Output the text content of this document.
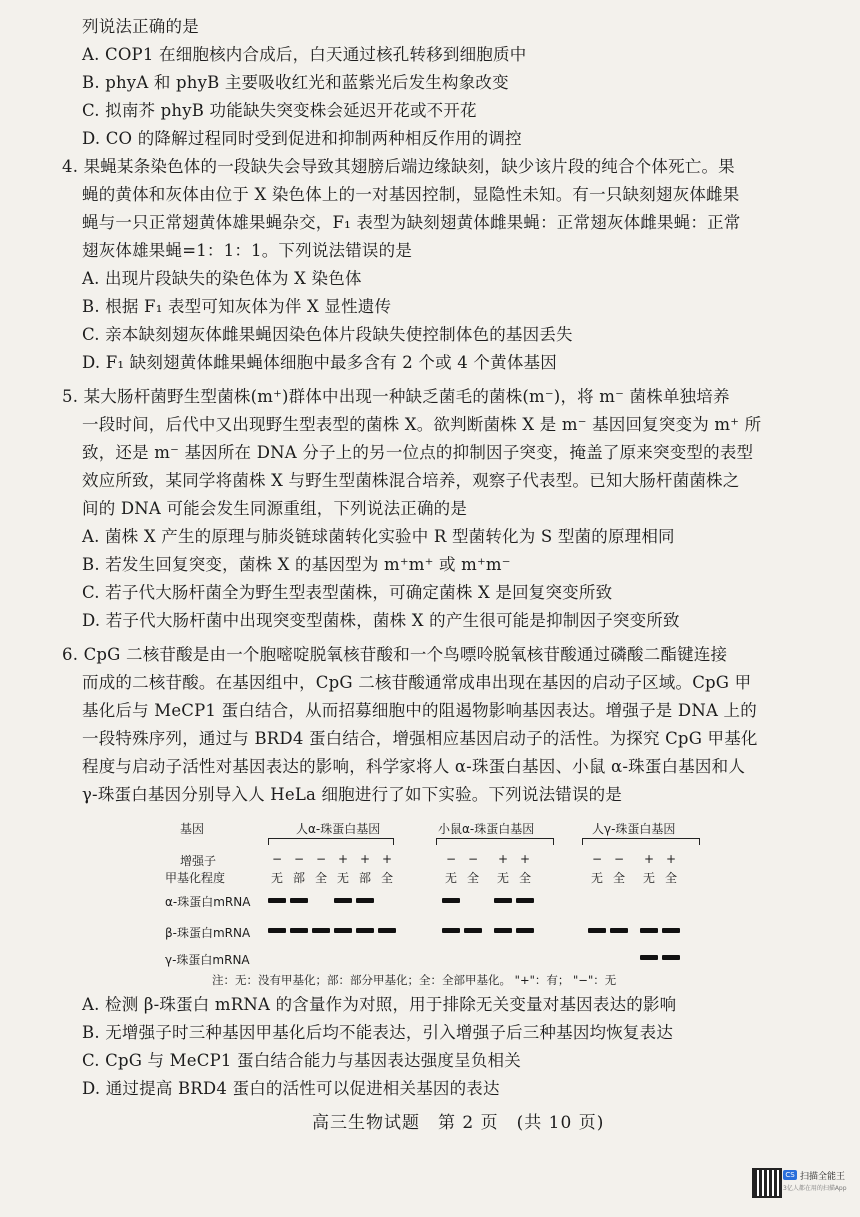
列说法正确的是
A. COP1 在细胞核内合成后，白天通过核孔转移到细胞质中
B. phyA 和 phyB 主要吸收红光和蓝紫光后发生构象改变
C. 拟南芥 phyB 功能缺失突变株会延迟开花或不开花
D. CO 的降解过程同时受到促进和抑制两种相反作用的调控
4. 果蝇某条染色体的一段缺失会导致其翅膀后端边缘缺刻，缺少该片段的纯合个体死亡。果
蝇的黄体和灰体由位于 X 染色体上的一对基因控制，显隐性未知。有一只缺刻翅灰体雌果
蝇与一只正常翅黄体雄果蝇杂交，F₁ 表型为缺刻翅黄体雌果蝇：正常翅灰体雌果蝇：正常
翅灰体雄果蝇=1：1：1。下列说法错误的是
A. 出现片段缺失的染色体为 X 染色体
B. 根据 F₁ 表型可知灰体为伴 X 显性遗传
C. 亲本缺刻翅灰体雌果蝇因染色体片段缺失使控制体色的基因丢失
D. F₁ 缺刻翅黄体雌果蝇体细胞中最多含有 2 个或 4 个黄体基因
5. 某大肠杆菌野生型菌株(m⁺)群体中出现一种缺乏菌毛的菌株(m⁻)，将 m⁻ 菌株单独培养
一段时间，后代中又出现野生型表型的菌株 X。欲判断菌株 X 是 m⁻ 基因回复突变为 m⁺ 所
致，还是 m⁻ 基因所在 DNA 分子上的另一位点的抑制因子突变，掩盖了原来突变型的表型
效应所致，某同学将菌株 X 与野生型菌株混合培养，观察子代表型。已知大肠杆菌菌株之
间的 DNA 可能会发生同源重组，下列说法正确的是
A. 菌株 X 产生的原理与肺炎链球菌转化实验中 R 型菌转化为 S 型菌的原理相同
B. 若发生回复突变，菌株 X 的基因型为 m⁺m⁺ 或 m⁺m⁻
C. 若子代大肠杆菌全为野生型表型菌株，可确定菌株 X 是回复突变所致
D. 若子代大肠杆菌中出现突变型菌株，菌株 X 的产生很可能是抑制因子突变所致
6. CpG 二核苷酸是由一个胞嘧啶脱氧核苷酸和一个鸟嘌呤脱氧核苷酸通过磷酸二酯键连接
而成的二核苷酸。在基因组中，CpG 二核苷酸通常成串出现在基因的启动子区域。CpG 甲
基化后与 MeCP1 蛋白结合，从而招募细胞中的阻遏物影响基因表达。增强子是 DNA 上的
一段特殊序列，通过与 BRD4 蛋白结合，增强相应基因启动子的活性。为探究 CpG 甲基化
程度与启动子活性对基因表达的影响，科学家将人 α-珠蛋白基因、小鼠 α-珠蛋白基因和人
γ-珠蛋白基因分别导入人 HeLa 细胞进行了如下实验。下列说法错误的是
基因
增强子
甲基化程度
α-珠蛋白mRNA
β-珠蛋白mRNA
γ-珠蛋白mRNA
人α-珠蛋白基因	小鼠α-珠蛋白基因	人γ-珠蛋白基因
− − − + + +
无 部 全 无 部 全
− − + +
无 全 无 全
− − + +
无 全 无 全
注：无：没有甲基化；部：部分甲基化；全：全部甲基化。 "+"：有； "−"：无
A. 检测 β-珠蛋白 mRNA 的含量作为对照，用于排除无关变量对基因表达的影响
B. 无增强子时三种基因甲基化后均不能表达，引入增强子后三种基因均恢复表达
C. CpG 与 MeCP1 蛋白结合能力与基因表达强度呈负相关
D. 通过提高 BRD4 蛋白的活性可以促进相关基因的表达
高三生物试题　第 2 页　(共 10 页)
CS 扫描全能王
3亿人都在用的扫描App
